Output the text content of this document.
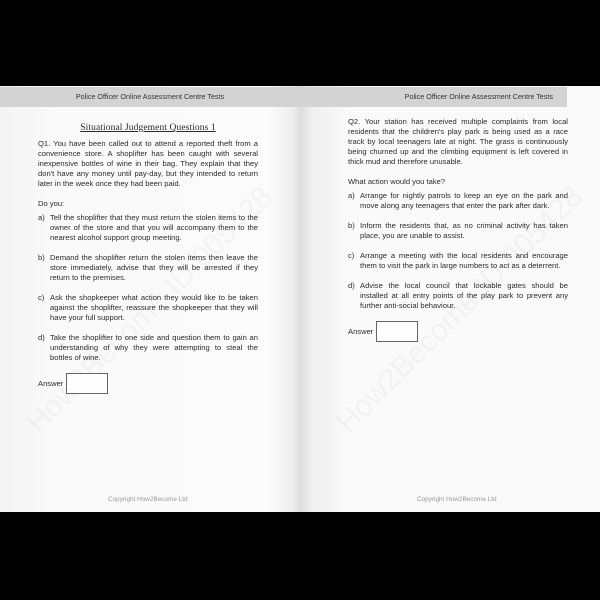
Police Officer Online Assessment Centre Tests
Situational Judgement Questions 1

Q1. You have been called out to attend a reported theft from a convenience store. A shoplifter has been caught with several inexpensive bottles of wine in their bag. They explain that they don't have any money until pay-day, but they intended to return later in the week once they had been paid.

Do you:

a) Tell the shoplifter that they must return the stolen items to the owner of the store and that you will accompany them to the nearest alcohol support group meeting.
b) Demand the shoplifter return the stolen items then leave the store immediately, advise that they will be arrested if they return to the premises.
c) Ask the shopkeeper what action they would like to be taken against the shoplifter, reassure the shopkeeper that they will have your full support.
d) Take the shoplifter to one side and question them to gain an understanding of why they were attempting to steal the bottles of wine.
Answer
Copyright How2Become Ltd
Police Officer Online Assessment Centre Tests

Q2. Your station has received multiple complaints from local residents that the children's play park is being used as a race track by local teenagers late at night. The grass is continuously being churned up and the climbing equipment is left covered in thick mud and therefore unusable.

What action would you take?

a) Arrange for nightly patrols to keep an eye on the park and move along any teenagers that enter the park after dark.
b) Inform the residents that, as no criminal activity has taken place, you are unable to assist.
c) Arrange a meeting with the local residents and encourage them to visit the park in large numbers to act as a deterrent.
d) Advise the local council that lockable gates should be installed at all entry points of the play park to prevent any further anti-social behaviour.
Answer
Copyright How2Become Ltd
